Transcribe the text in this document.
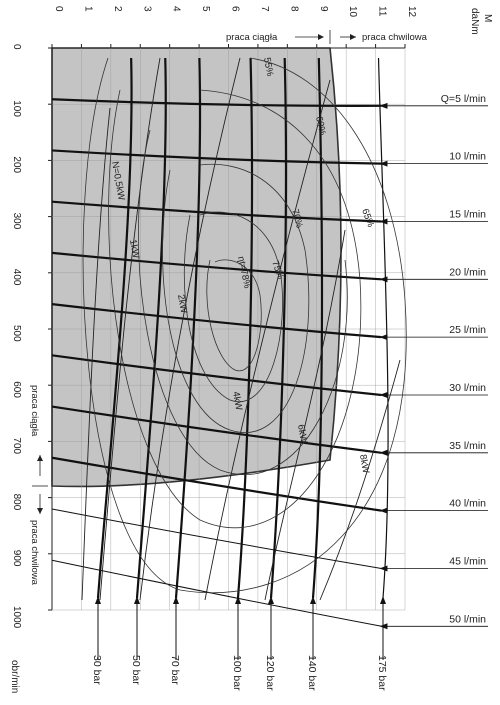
30 bar	50 bar	70 bar	100 bar 120 bar	140 bar	175 bar
Q=5 l/min
10 l/min
15 l/min
20 l/min
25 l/min
30 l/min
35 l/min
40 l/min
45 l/min
50 l/min
N=0,5kW
1kW
2kW
4kW
6kW
8kW
55%
60%
65%
70%
75%
ηt=78%
0 1 2 3 4 5 6 7 8 9 10 11 12
0
100
200
300
400
500
600
700
800
900
1000
M
daNm
obr/min
praca ciągła	praca chwilowa
praca ciągła
praca chwilowa
